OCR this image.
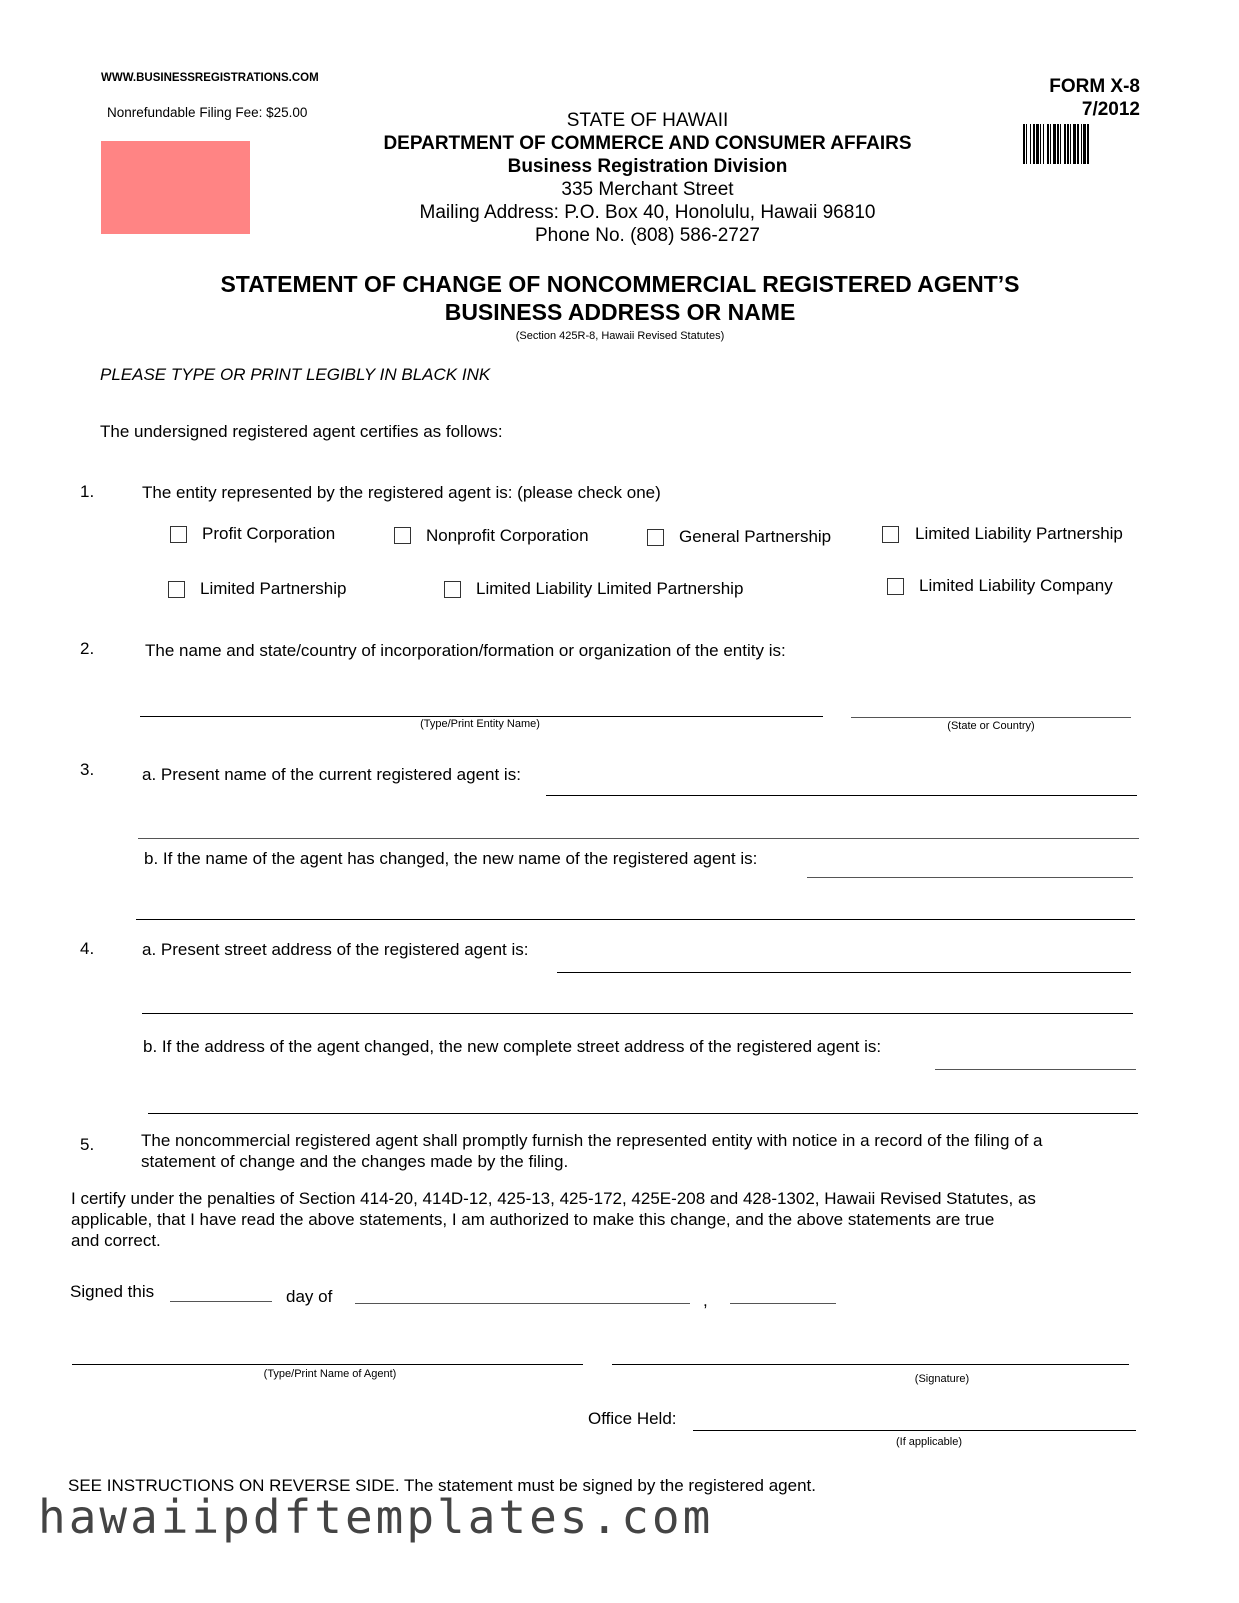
WWW.BUSINESSREGISTRATIONS.COM
Nonrefundable Filing Fee: $25.00
FORM X-8
7/2012
STATE OF HAWAII
DEPARTMENT OF COMMERCE AND CONSUMER AFFAIRS
Business Registration Division
335 Merchant Street
Mailing Address: P.O. Box 40, Honolulu, Hawaii 96810
Phone No. (808) 586-2727
STATEMENT OF CHANGE OF NONCOMMERCIAL REGISTERED AGENT’S
BUSINESS ADDRESS OR NAME
(Section 425R-8, Hawaii Revised Statutes)
PLEASE TYPE OR PRINT LEGIBLY IN BLACK INK
The undersigned registered agent certifies as follows:
1.	The entity represented by the registered agent is: (please check one)
Profit Corporation	Nonprofit Corporation	General Partnership	Limited Liability Partnership
Limited Partnership	Limited Liability Limited Partnership	Limited Liability Company
2.	The name and state/country of incorporation/formation or organization of the entity is:
(Type/Print Entity Name)	(State or Country)
3.	a. Present name of the current registered agent is:
b. If the name of the agent has changed, the new name of the registered agent is:
4.	a. Present street address of the registered agent is:
b. If the address of the agent changed, the new complete street address of the registered agent is:
5.	The noncommercial registered agent shall promptly furnish the represented entity with notice in a record of the filing of a
statement of change and the changes made by the filing.
I certify under the penalties of Section 414-20, 414D-12, 425-13, 425-172, 425E-208 and 428-1302, Hawaii Revised Statutes, as
applicable, that I have read the above statements, I am authorized to make this change, and the above statements are true
and correct.
Signed this	day of	,
(Type/Print Name of Agent)	(Signature)
Office Held:
(If applicable)
SEE INSTRUCTIONS ON REVERSE SIDE. The statement must be signed by the registered agent.
hawaiipdftemplates.com
